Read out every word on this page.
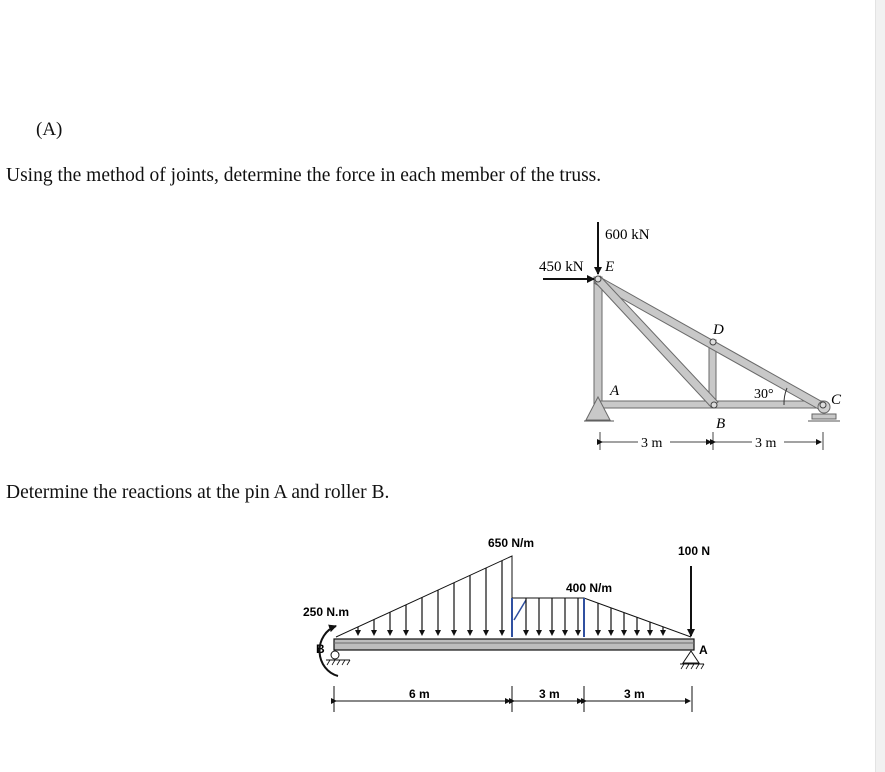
(A)
Using the method of joints, determine the force in each member of the truss.
Determine the reactions at the pin A and roller B.
600 kN
450 kN E
D
A
B
C
30°
3 m	3 m
100 N
A
B
250 N.m
650 N/m
400 N/m
6 m	3 m	3 m
